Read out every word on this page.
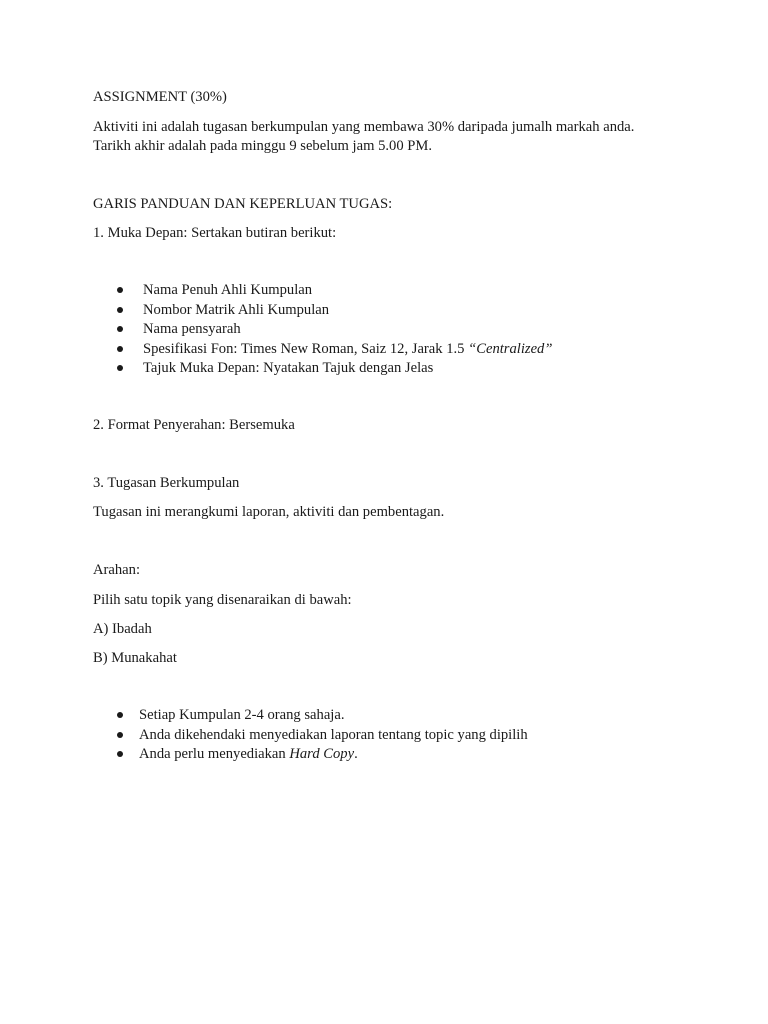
ASSIGNMENT (30%)
Aktiviti ini adalah tugasan berkumpulan yang membawa 30% daripada jumalh markah anda.
Tarikh akhir adalah pada minggu 9 sebelum jam 5.00 PM.
GARIS PANDUAN DAN KEPERLUAN TUGAS:
1. Muka Depan: Sertakan butiran berikut:
Nama Penuh Ahli Kumpulan
Nombor Matrik Ahli Kumpulan
Nama pensyarah
Spesifikasi Fon: Times New Roman, Saiz 12, Jarak 1.5 “Centralized”
Tajuk Muka Depan: Nyatakan Tajuk dengan Jelas
2. Format Penyerahan: Bersemuka
3. Tugasan Berkumpulan
Tugasan ini merangkumi laporan, aktiviti dan pembentagan.
Arahan:
Pilih satu topik yang disenaraikan di bawah:
A) Ibadah
B) Munakahat
Setiap Kumpulan 2-4 orang sahaja.
Anda dikehendaki menyediakan laporan tentang topic yang dipilih
Anda perlu menyediakan Hard Copy.
